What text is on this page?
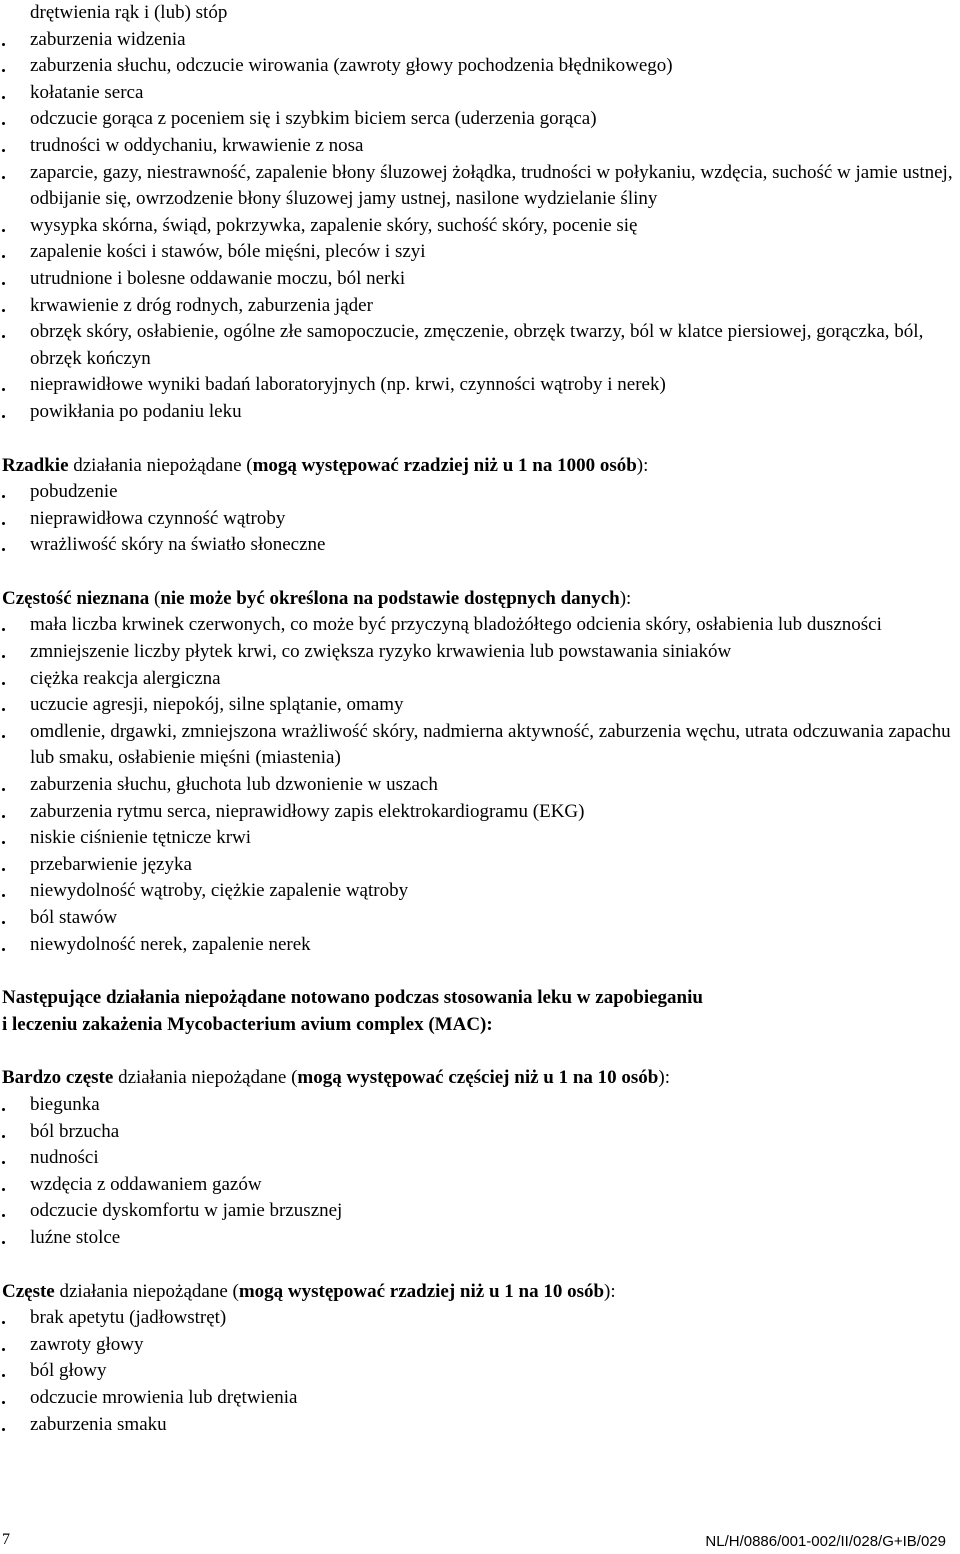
drętwienia rąk i (lub) stóp

zaburzenia widzenia

zaburzenia słuchu, odczucie wirowania (zawroty głowy pochodzenia błędnikowego)

kołatanie serca

odczucie gorąca z poceniem się i szybkim biciem serca (uderzenia gorąca)

trudności w oddychaniu, krwawienie z nosa

zaparcie, gazy, niestrawność, zapalenie błony śluzowej żołądka, trudności w połykaniu, wzdęcia, suchość w jamie ustnej, odbijanie się, owrzodzenie błony śluzowej jamy ustnej, nasilone wydzielanie śliny

wysypka skórna, świąd, pokrzywka, zapalenie skóry, suchość skóry, pocenie się

zapalenie kości i stawów, bóle mięśni, pleców i szyi

utrudnione i bolesne oddawanie moczu, ból nerki

krwawienie z dróg rodnych, zaburzenia jąder

obrzęk skóry, osłabienie, ogólne złe samopoczucie, zmęczenie, obrzęk twarzy, ból w klatce piersiowej, gorączka, ból, obrzęk kończyn

nieprawidłowe wyniki badań laboratoryjnych (np. krwi, czynności wątroby i nerek)

powikłania po podaniu leku

Rzadkie działania niepożądane (mogą występować rzadziej niż u 1 na 1000 osób):

pobudzenie

nieprawidłowa czynność wątroby

wrażliwość skóry na światło słoneczne

Częstość nieznana (nie może być określona na podstawie dostępnych danych):

mała liczba krwinek czerwonych, co może być przyczyną bladożółtego odcienia skóry, osłabienia lub duszności

zmniejszenie liczby płytek krwi, co zwiększa ryzyko krwawienia lub powstawania siniaków

ciężka reakcja alergiczna

uczucie agresji, niepokój, silne splątanie, omamy

omdlenie, drgawki, zmniejszona wrażliwość skóry, nadmierna aktywność, zaburzenia węchu, utrata odczuwania zapachu lub smaku, osłabienie mięśni (miastenia)

zaburzenia słuchu, głuchota lub dzwonienie w uszach

zaburzenia rytmu serca, nieprawidłowy zapis elektrokardiogramu (EKG)

niskie ciśnienie tętnicze krwi

przebarwienie języka

niewydolność wątroby, ciężkie zapalenie wątroby

ból stawów

niewydolność nerek, zapalenie nerek

Następujące działania niepożądane notowano podczas stosowania leku w zapobieganiu
i leczeniu zakażenia Mycobacterium avium complex (MAC):

Bardzo częste działania niepożądane (mogą występować częściej niż u 1 na 10 osób):

biegunka

ból brzucha

nudności

wzdęcia z oddawaniem gazów

odczucie dyskomfortu w jamie brzusznej

luźne stolce

Częste działania niepożądane (mogą występować rzadziej niż u 1 na 10 osób):

brak apetytu (jadłowstręt)

zawroty głowy

ból głowy

odczucie mrowienia lub drętwienia

zaburzenia smaku

7	NL/H/0886/001-002/II/028/G+IB/029
